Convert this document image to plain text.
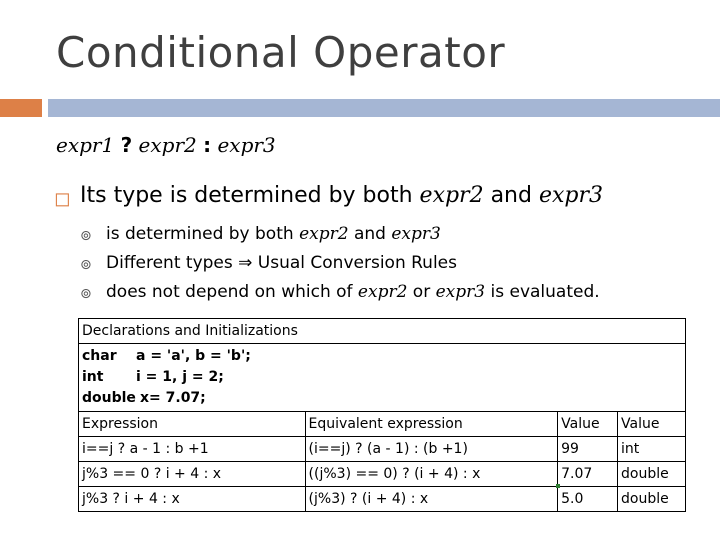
Conditional Operator
expr1 ? expr2 : expr3
◻ Its type is determined by both expr2 and expr3
⊚ is determined by both expr2 and expr3
⊚ Different types ⇒ Usual Conversion Rules
⊚ does not depend on which of expr2 or expr3 is evaluated.
Declarations and Initializations			

char a = 'a', b = 'b';
int i = 1, j = 2;
double x= 7.07;			

Expression	Equivalent expression	Value	Value
i==j ? a - 1 : b +1	(i==j) ? (a - 1) : (b +1)	99	int
j%3 == 0 ? i + 4 : x	((j%3) == 0) ? (i + 4) : x	7.07	double
j%3 ? i + 4 : x	(j%3) ? (i + 4) : x	5.0	double
